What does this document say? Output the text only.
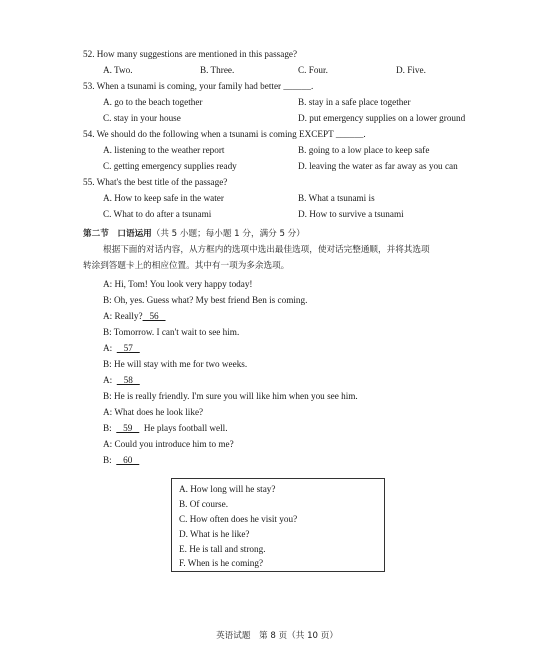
52. How many suggestions are mentioned in this passage?
A. Two.	B. Three.	C. Four.	D. Five.
53. When a tsunami is coming, your family had better ______.
A. go to the beach together	B. stay in a safe place together
C. stay in your house	D. put emergency supplies on a lower ground
54. We should do the following when a tsunami is coming EXCEPT ______.
A. listening to the weather report	B. going to a low place to keep safe
C. getting emergency supplies ready	D. leaving the water as far away as you can
55. What's the best title of the passage?
A. How to keep safe in the water	B. What a tsunami is
C. What to do after a tsunami	D. How to survive a tsunami
第二节　口语运用（共 5 小题；每小题 1 分，满分 5 分）
根据下面的对话内容，从方框内的选项中选出最佳选项，使对话完整通顺，并将其选项
转涂到答题卡上的相应位置。其中有一项为多余选项。
A: Hi, Tom! You look very happy today!
B: Oh, yes. Guess what? My best friend Ben is coming.
A: Really?   56
B: Tomorrow. I can't wait to see him.
A:     57
B: He will stay with me for two weeks.
A:     58
B: He is really friendly. I'm sure you will like him when you see him.
A: What does he look like?
B:     59     He plays football well.
A: Could you introduce him to me?
B:     60
A. How long will he stay?
B. Of course.
C. How often does he visit you?
D. What is he like?
E. He is tall and strong.
F. When is he coming?
英语试题　第 8 页（共 10 页）
